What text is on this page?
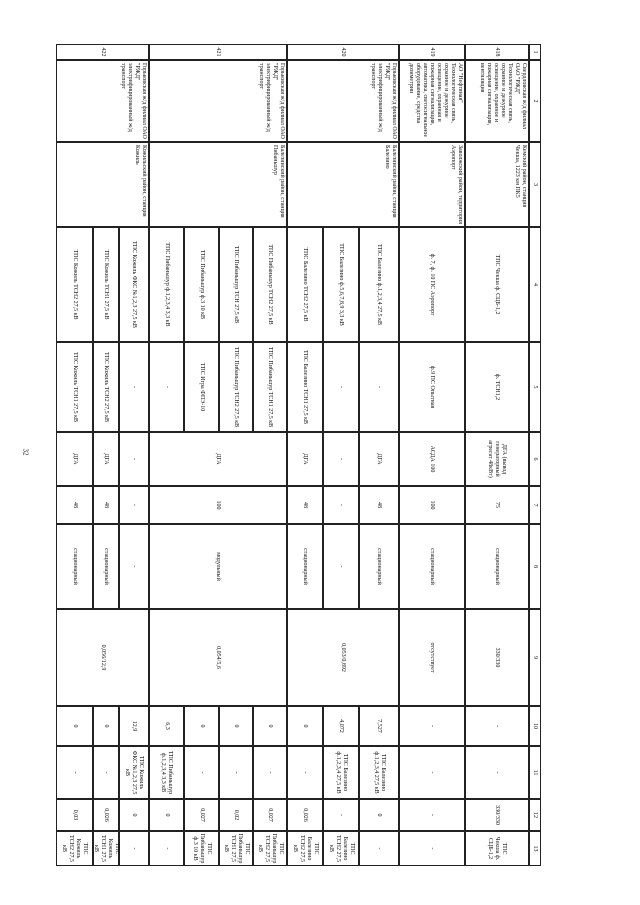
32
1
2
3
4
5
6
7
8
9
10
11
12
13
418
Свердловская ж/д филиал ОАО "РЖД" Технологическая связь, охранное и дежурное освещение, охранное и пожарная сигнализация, вентиляция
Кемский район, станция Чекша, 1223 км ПК5
ТПС Чекша ф. СЦБ-1,2
ф. ТСН1,2
ДГА (вывод генераторный агрегат 48кВт)
75
стационарный
330/330
-
-
330/330
ТПС Чекша ф. СЦБ-1,2
419
АО "Нефтяная" Технологическая связь, охранное и дежурное освещение, охранная и пожарная сигнализация, автоматика, светосигнальное оборудование, средства дозиметрии
Заволжский район, территория Аэропорт
ф. 7, ф. 10 ПС Аэропорт
ф.9 ПС Опытная
АСДА 100
100
стационарный
отсутствует
-
-
-
-
420
Горьковская ж/д филиал ОАО "РЖД" электрифицированный ж/д транспорт
Балезинский район, станция Балезино
0,053/0,892
ТПС Балезино ф.1,2,3,4 27,5 кВ
-
ДГА
48
стационарный
7,527
ТПС Балезино ф.1,2,3,4 27,5 кВ
0
-
ТПС Балезино ф.5,6,7,8,9 3,3 кВ
-
-
-
-
4,072
ТПС Балезино ф.1,2,3,4 27,5 кВ
-
ТПС Балезино ТСН2 27,5 кВ
ТПС Балезино ТСН2 27,5 кВ
ТПС Балезино ТСН1 27,5 кВ
ДГА
48
стационарный
0
-
0,026
ТПС Балезино ТСН2 27,5 кВ
421
Горьковская ж/д филиал ОАО "РЖД" электрифицированный ж/д транспорт
Балезинский район, станция Пибаньшур
ДГА
100
модульный
0,054/5,6
ТПС Пибаньшур ТСН2 27,5 кВ
ТПС Пибаньшур ТСН1 27,5 кВ
0
-
0,027
ТПС Пибаньшур ТСН2 27,5 кВ
ТПС Пибаньшур ТСН 27,5 кВ
ТПС Пибаньшур ТСН2 27,5 кВ
0
-
0,02
ТПС Пибаньшур ТСН1 27,5 кВ
ТПС Пибаньшур ф.3 10 кВ
ТПС Игра ФПЭ-10
0
-
0,027
ТПС Пибаньшур ф.3 10 кВ
ТПС Пибаньшур ф.1,2,3,4 3,3 кВ
-
6,3
ТПС Пибаньшур ф.1,2,3,4 3,3 кВ
0
-
422
Горьковская ж/д филиал ОАО "РЖД" электрифицированный ж/д транспорт
Кожильский район, станция Кожиль
0,056/12,9
ТПС Кожиль ФКС №1,2,3 27,5 кВ
-
-
-
-
12,9
ТПС Кожиль ФКС №1,2,3 27,5 кВ
0
-
ТПС Кожиль ТСН1 27,5 кВ
ТПС Кожиль ТСН2 27,5 кВ
ДГА
48
стационарный
0
-
0,026
ТПС Кожиль ТСН1 27,5 кВ
ТПС Кожиль ТСН2 27,5 кВ
ТПС Кожиль ТСН1 27,5 кВ
ДГА
48
стационарный
0
-
0,03
ТПС Кожиль ТСН2 27,5 кВ
